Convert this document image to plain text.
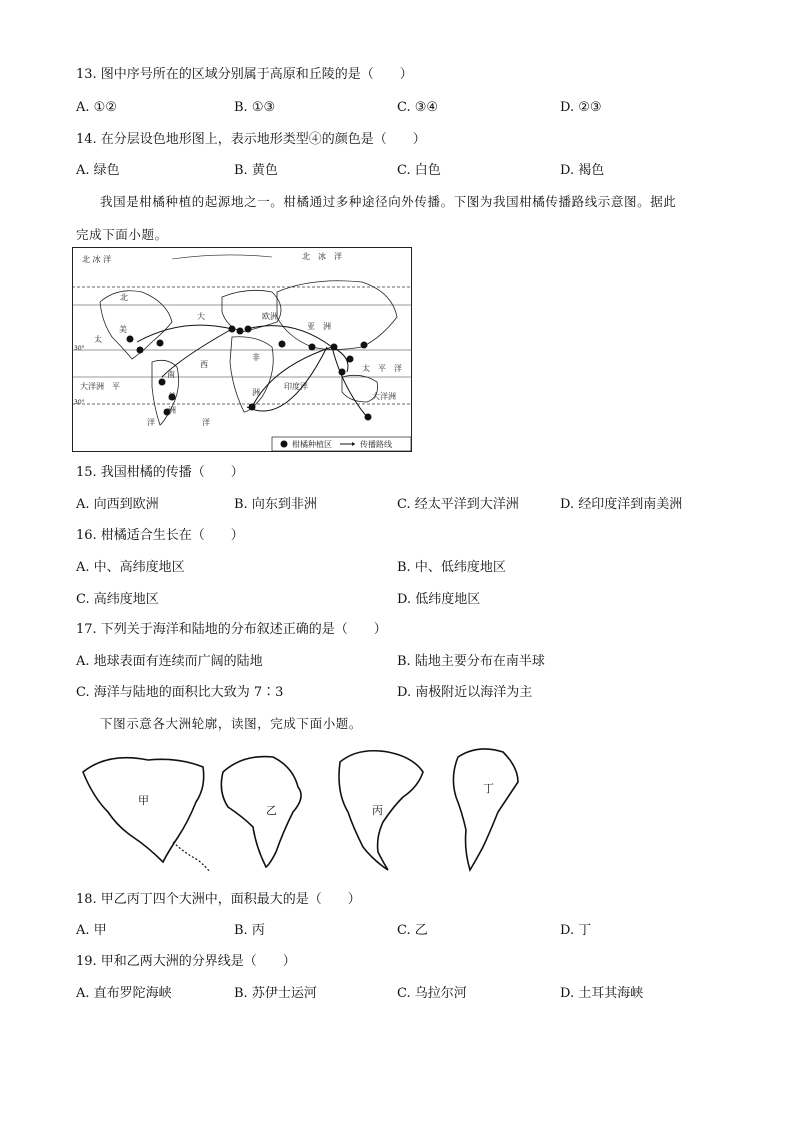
13. 图中序号所在的区域分别属于高原和丘陵的是（　　）
A. ①②	B. ①③	C. ③④	D. ②③
14. 在分层设色地形图上，表示地形类型④的颜色是（　　）
A. 绿色	B. 黄色	C. 白色	D. 褐色
我国是柑橘种植的起源地之一。柑橘通过多种途径向外传播。下图为我国柑橘传播路线示意图。据此
完成下面小题。
北 冰 洋	北　冰　洋
北
大	欧洲
亚　洲
美
太
非
洲
西
南
美
洲
印度洋
太　平　洋
大洋洲　平
大洋洲
洋	洋
30°
30°
柑橘种植区	传播路线
15. 我国柑橘的传播（　　）
A. 向西到欧洲	B. 向东到非洲	C. 经太平洋到大洋洲	D. 经印度洋到南美洲
16. 柑橘适合生长在（　　）
A. 中、高纬度地区	B. 中、低纬度地区
C. 高纬度地区	D. 低纬度地区
17. 下列关于海洋和陆地的分布叙述正确的是（　　）
A. 地球表面有连续而广阔的陆地	B. 陆地主要分布在南半球
C. 海洋与陆地的面积比大致为 7∶3	D. 南极附近以海洋为主
下图示意各大洲轮廓，读图，完成下面小题。
甲
乙	丙
丁
18. 甲乙丙丁四个大洲中，面积最大的是（　　）
A. 甲	B. 丙	C. 乙	D. 丁
19. 甲和乙两大洲的分界线是（　　）
A. 直布罗陀海峡	B. 苏伊士运河	C. 乌拉尔河	D. 土耳其海峡
